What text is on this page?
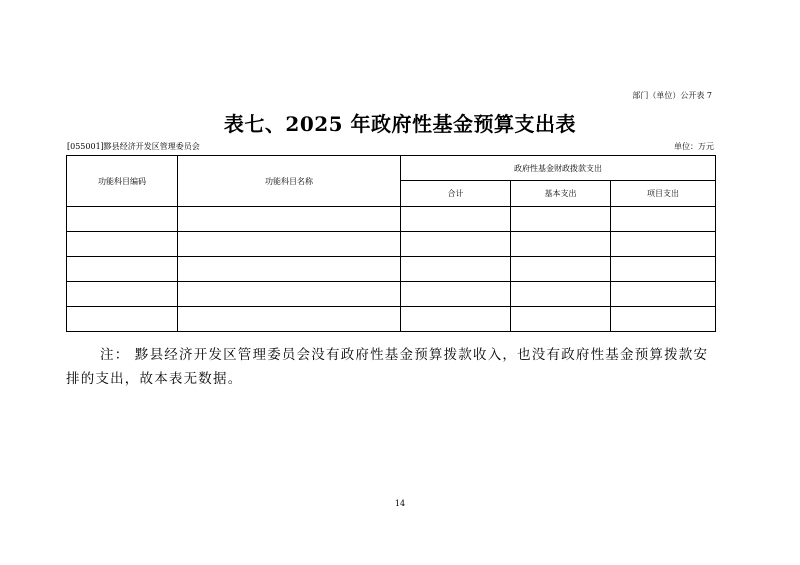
部门（单位）公开表 7
表七、2025 年政府性基金预算支出表
[055001]黟县经济开发区管理委员会	单位：万元
功能科目编码	功能科目名称	政府性基金财政拨款支出		
		合计	基本支出	项目支出

注： 黟县经济开发区管理委员会没有政府性基金预算拨款收入，也没有政府性基金预算拨款安排的支出，故本表无数据。

14
